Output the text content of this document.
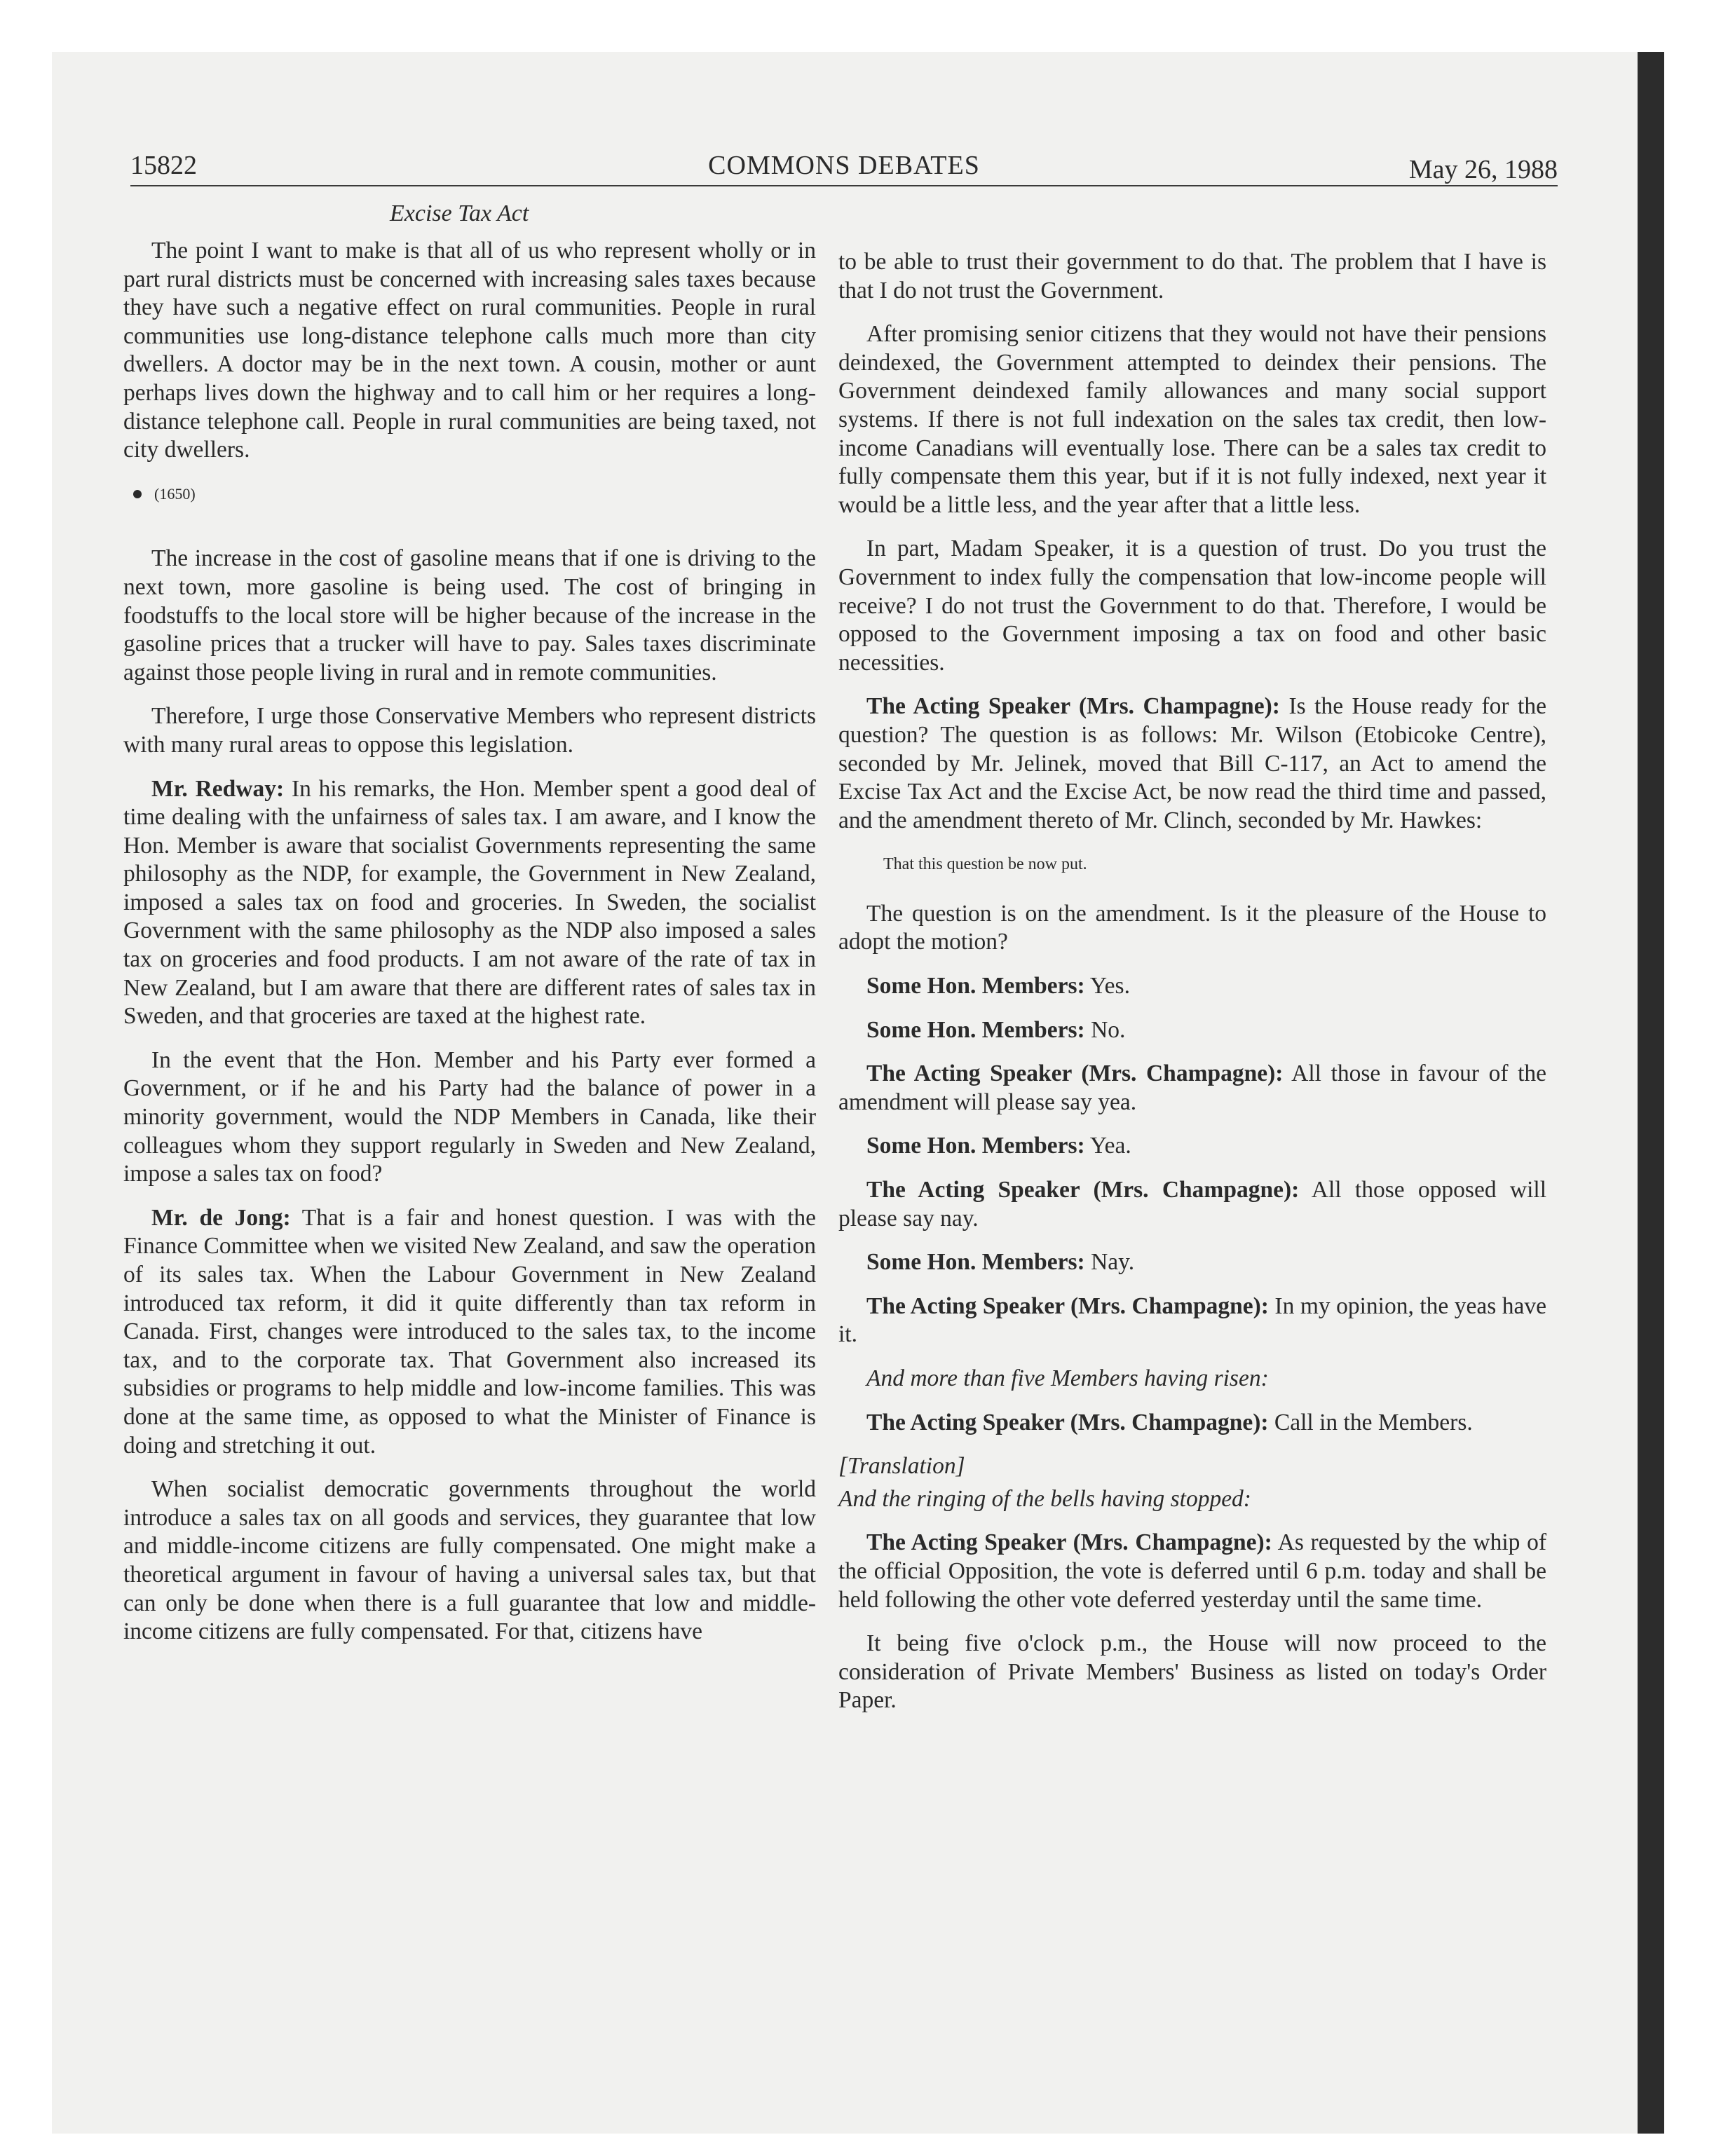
15822	COMMONS DEBATES	May 26, 1988
Excise Tax Act

The point I want to make is that all of us who represent wholly or in part rural districts must be concerned with increasing sales taxes because they have such a negative effect on rural communities. People in rural communities use long-distance telephone calls much more than city dwellers. A doctor may be in the next town. A cousin, mother or aunt perhaps lives down the highway and to call him or her requires a long-distance telephone call. People in rural communities are being taxed, not city dwellers.

(1650)

The increase in the cost of gasoline means that if one is driving to the next town, more gasoline is being used. The cost of bringing in foodstuffs to the local store will be higher because of the increase in the gasoline prices that a trucker will have to pay. Sales taxes discriminate against those people living in rural and in remote communities.

Therefore, I urge those Conservative Members who represent districts with many rural areas to oppose this legislation.

Mr. Redway: In his remarks, the Hon. Member spent a good deal of time dealing with the unfairness of sales tax. I am aware, and I know the Hon. Member is aware that socialist Governments representing the same philosophy as the NDP, for example, the Government in New Zealand, imposed a sales tax on food and groceries. In Sweden, the socialist Government with the same philosophy as the NDP also imposed a sales tax on groceries and food products. I am not aware of the rate of tax in New Zealand, but I am aware that there are different rates of sales tax in Sweden, and that groceries are taxed at the highest rate.

In the event that the Hon. Member and his Party ever formed a Government, or if he and his Party had the balance of power in a minority government, would the NDP Members in Canada, like their colleagues whom they support regularly in Sweden and New Zealand, impose a sales tax on food?

Mr. de Jong: That is a fair and honest question. I was with the Finance Committee when we visited New Zealand, and saw the operation of its sales tax. When the Labour Government in New Zealand introduced tax reform, it did it quite differently than tax reform in Canada. First, changes were introduced to the sales tax, to the income tax, and to the corporate tax. That Government also increased its subsidies or programs to help middle and low-income families. This was done at the same time, as opposed to what the Minister of Finance is doing and stretching it out.

When socialist democratic governments throughout the world introduce a sales tax on all goods and services, they guarantee that low and middle-income citizens are fully compensated. One might make a theoretical argument in favour of having a universal sales tax, but that can only be done when there is a full guarantee that low and middle-income citizens are fully compensated. For that, citizens have

to be able to trust their government to do that. The problem that I have is that I do not trust the Government.

After promising senior citizens that they would not have their pensions deindexed, the Government attempted to deindex their pensions. The Government deindexed family allowances and many social support systems. If there is not full indexation on the sales tax credit, then low-income Canadians will eventually lose. There can be a sales tax credit to fully compensate them this year, but if it is not fully indexed, next year it would be a little less, and the year after that a little less.

In part, Madam Speaker, it is a question of trust. Do you trust the Government to index fully the compensation that low-income people will receive? I do not trust the Government to do that. Therefore, I would be opposed to the Government imposing a tax on food and other basic necessities.

The Acting Speaker (Mrs. Champagne): Is the House ready for the question? The question is as follows: Mr. Wilson (Etobicoke Centre), seconded by Mr. Jelinek, moved that Bill C-117, an Act to amend the Excise Tax Act and the Excise Act, be now read the third time and passed, and the amendment thereto of Mr. Clinch, seconded by Mr. Hawkes:

That this question be now put.

The question is on the amendment. Is it the pleasure of the House to adopt the motion?

Some Hon. Members: Yes.

Some Hon. Members: No.

The Acting Speaker (Mrs. Champagne): All those in favour of the amendment will please say yea.

Some Hon. Members: Yea.

The Acting Speaker (Mrs. Champagne): All those opposed will please say nay.

Some Hon. Members: Nay.

The Acting Speaker (Mrs. Champagne): In my opinion, the yeas have it.

And more than five Members having risen:

The Acting Speaker (Mrs. Champagne): Call in the Members.

[Translation]
And the ringing of the bells having stopped:

The Acting Speaker (Mrs. Champagne): As requested by the whip of the official Opposition, the vote is deferred until 6 p.m. today and shall be held following the other vote deferred yesterday until the same time.

It being five o'clock p.m., the House will now proceed to the consideration of Private Members' Business as listed on today's Order Paper.
